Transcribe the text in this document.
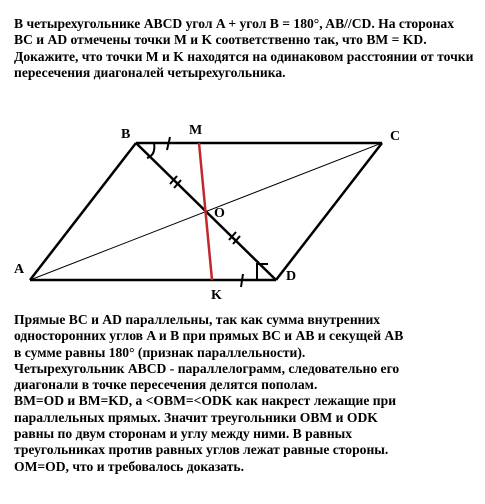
В четырехугольнике ABCD угол A + угол B = 180°, AB//CD. На сторонах BC и AD отмечены точки M и K соответственно так, что BM = KD. Докажите, что точки M и K находятся на одинаковом расстоянии от точки пересечения диагоналей четырехугольника.

A
B	C
D
M
K
O

Прямые BC и AD параллельны, так как сумма внутренних

односторонних углов A и B при прямых BC и AB и секущей AB

в сумме равны 180° (признак параллельности).

Четырехугольник ABCD - параллелограмм, следовательно его

диагонали в точке пересечения делятся пополам.

BM=OD и BM=KD, а <OBM=<ODK как накрест лежащие при

параллельных прямых. Значит треугольники OBM и ODK

равны по двум сторонам и углу между ними. В равных

треугольниках против равных углов лежат равные стороны.

OM=OD, что и требовалось доказать.
